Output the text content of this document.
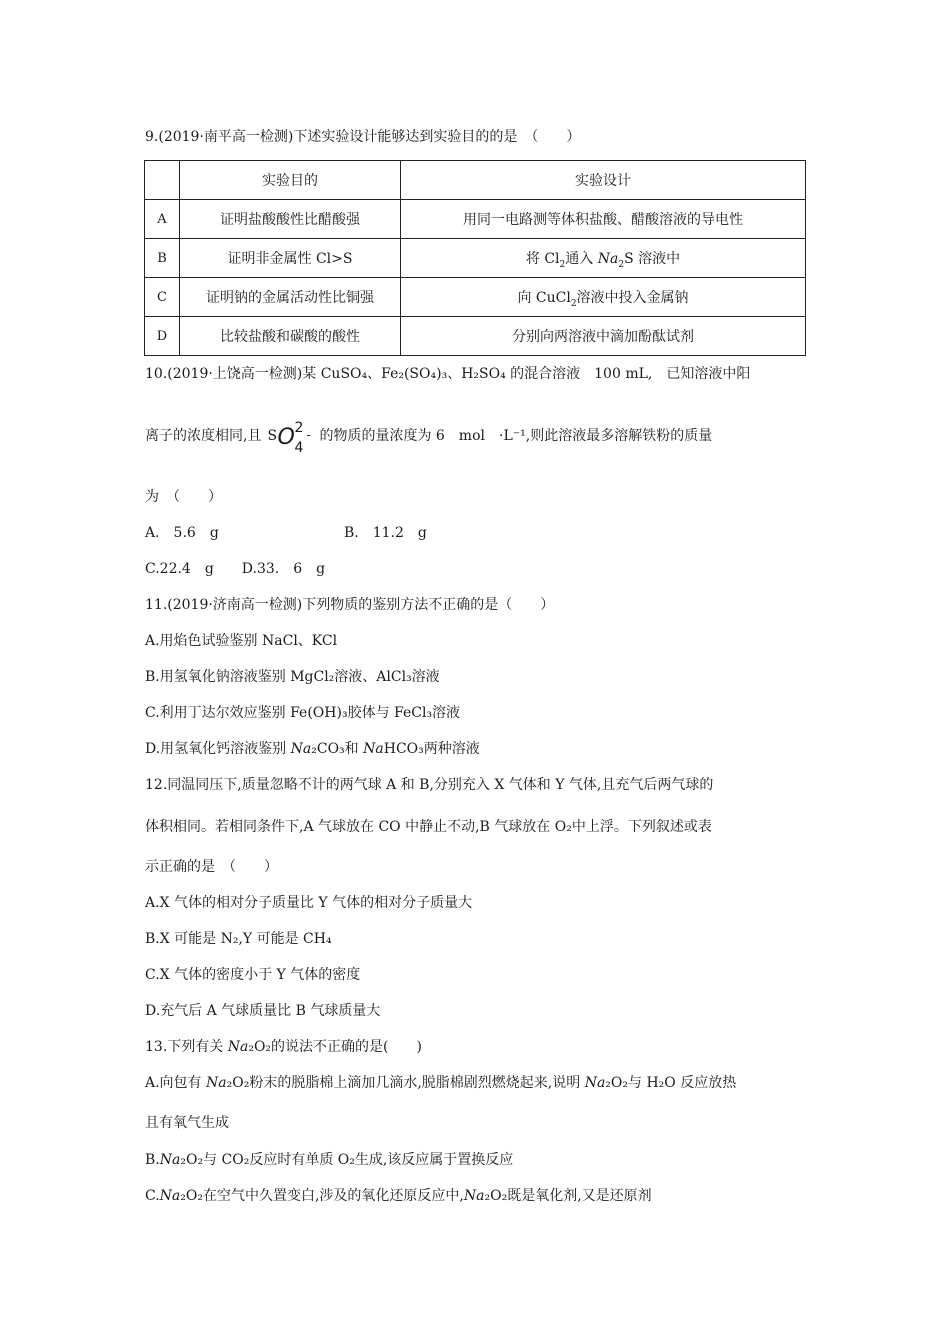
9.(2019·南平高一检测)下述实验设计能够达到实验目的的是　（　　）
	实验目的	实验设计
A	证明盐酸酸性比醋酸强	用同一电路测等体积盐酸、醋酸溶液的导电性
B	证明非金属性 Cl>S	将 $Cl_2$通入 $Na_2S$ 溶液中
C	证明钠的金属活动性比铜强	向 CuCl$_2$溶液中投入金属钠
D	比较盐酸和碳酸的酸性	分别向两溶液中滴加酚酞试剂
10.(2019·上饶高一检测)某 CuSO₄、Fe₂(SO₄)₃、H₂SO₄ 的混合溶液　100 mL,　已知溶液中阳
离子的浓度相同,且 S O 2
4
- 的物质的量浓度为 6　mol　·L⁻¹,则此溶液最多溶解铁粉的质量
为　（　　）
A.　5.6　g	B.　11.2　g
C.22.4　g　　D.33.　6　g
11.(2019·济南高一检测)下列物质的鉴别方法不正确的是（　　）
A.用焰色试验鉴别 NaCl、KCl
B.用氢氧化钠溶液鉴别 MgCl₂溶液、AlCl₃溶液
C.利用丁达尔效应鉴别 Fe(OH)₃胶体与 FeCl₃溶液
D.用氢氧化钙溶液鉴别 Na₂CO₃和 NaHCO₃两种溶液
12.同温同压下,质量忽略不计的两气球 A 和 B,分别充入 X 气体和 Y 气体,且充气后两气球的
体积相同。若相同条件下,A 气球放在 CO 中静止不动,B 气球放在 O₂中上浮。下列叙述或表
示正确的是　（　　）
A.X 气体的相对分子质量比 Y 气体的相对分子质量大
B.X 可能是 N₂,Y 可能是 CH₄
C.X 气体的密度小于 Y 气体的密度
D.充气后 A 气球质量比 B 气球质量大
13.下列有关 Na₂O₂的说法不正确的是(　　)
A.向包有 Na₂O₂粉末的脱脂棉上滴加几滴水,脱脂棉剧烈燃烧起来,说明 Na₂O₂与 H₂O 反应放热
且有氧气生成
B.Na₂O₂与 CO₂反应时有单质 O₂生成,该反应属于置换反应
C.Na₂O₂在空气中久置变白,涉及的氧化还原反应中,Na₂O₂既是氧化剂,又是还原剂
